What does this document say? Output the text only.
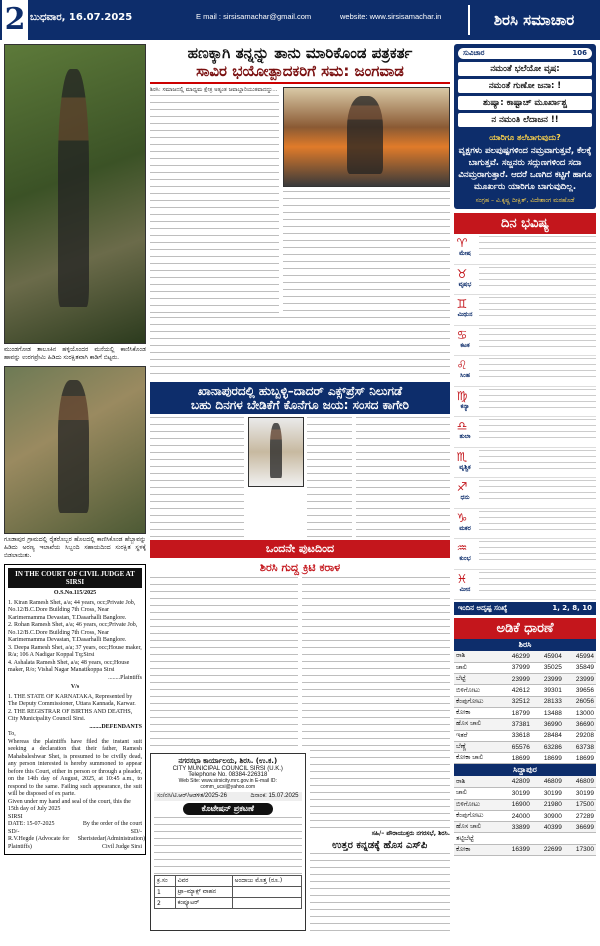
2 ಬುಧವಾರ, 16.07.2025	E mail : sirsisamachar@gmail.com	website: www.sirsisamachar.in	ಶಿರಸಿ ಸಮಾಚಾರ
ಮುಂಡಗೋಡ ತಾಲೂಕಿನ ಹಳ್ಳಿಯೊಂದರ ಮನೆಯಲ್ಲಿ ಕಾಣಿಸಿಕೊಂಡ ಹಾವನ್ನು ಉರಗಪ್ರೇಮಿ ಹಿಡಿದು ಸುರಕ್ಷಿತವಾಗಿ ಕಾಡಿಗೆ ಬಿಟ್ಟರು.
ಗೂಡಾಪುರ ಗ್ರಾಮದಲ್ಲಿ ರೈತರೊಬ್ಬರ ಹೊಲದಲ್ಲಿ ಕಾಣಿಸಿಕೊಂಡ ಹೆಬ್ಬಾವನ್ನು ಹಿಡಿದು ಅರಣ್ಯ ಇಲಾಖೆಯ ಸಿಬ್ಬಂದಿ ಸಹಾಯದಿಂದ ಸುರಕ್ಷಿತ ಸ್ಥಳಕ್ಕೆ ಬಿಡಲಾಯಿತು.
IN THE COURT OF CIVIL JUDGE AT SIRSI
O.S.No.115/2025
1. Kiran Ramesh Shet, a/a; 44 years, occ;Private Job, No.12/B.C.Dore Building 7th Cross, Near Karimemamma Devastan, T.Dasarhalli Banglore.
2. Rohan Ramesh Shet, a/a; 46 years, occ;Private Job, No.12/B.C.Dore Building 7th Cross, Near Karimemamma Devastan, T.Dasarhalli Banglore.
3. Deepa Ramesh Shet, a/a; 37 years, occ;House maker, R/a; 106 A Nadigar Koppal Tq;Sirsi
4. Ashalata Ramesh Shet, a/a; 48 years, occ;House maker, R/o; Vishal Nagar Manatikoppa Sirsi
........Plaintiffs
V/s
1. THE STATE OF KARNATAKA, Represented by The Deputy Commissioner, Uttara Kannada, Karwar.
2. THE REGISTRAR OF BIRTHS AND DEATHS, City Municipality Council Sirsi.
........DEFENDANTS
To,
Whereas the plaintiffs have filed the instant suit seeking a declaration that their father, Ramesh Mahabaleshwar Shet, is presumed to be civilly dead, any person interested is hereby summoned to appear before this Court, either in person or through a pleader, on the 14th day of August, 2025, at 10:45 a.m., to respond to the same. Failing such appearance, the suit will be disposed of ex parte.
Given under my hand and seal of the court, this the 15th day of July 2025
SIRSI
DATE: 15-07-2025	By the order of the court
SD/-	SD/-
R.V.Hegde (Advocate for Plaintiffs)
Sheristedar(Administration) Civil Judge Sirsi
ಹಣಕ್ಕಾಗಿ ತನ್ನನ್ನು ತಾನು ಮಾರಿಕೊಂಡ ಪತ್ರಕರ್ತ
ಸಾವಿರ ಭಯೋತ್ಪಾದಕರಿಗೆ ಸಮ: ಜಂಗವಾಡ
ಶಿರಸಿ: ಸಮಾಜದಲ್ಲಿ ಮಾಧ್ಯಮ ಕ್ಷೇತ್ರ ಅತ್ಯಂತ ಜವಾಬ್ದಾರಿಯುತವಾದದ್ದು...
ಖಾನಾಪುರದಲ್ಲಿ ಹುಬ್ಬಳ್ಳಿ–ದಾದರ್ ಎಕ್ಸ್‌ಪ್ರೆಸ್ ನಿಲುಗಡೆ
ಬಹು ದಿನಗಳ ಬೇಡಿಕೆಗೆ ಕೊನೆಗೂ ಜಯ: ಸಂಸದ ಕಾಗೇರಿ
ಒಂದನೇ ಪುಟದಿಂದ
ಶಿರಸಿ ಗುದ್ದ ಕ್ರಿಟಿ ಕರಾಳ
ನಗರಸಭಾ ಕಾರ್ಯಾಲಯ, ಶಿರಸಿ. (ಉ.ಕ.)
CITY MUNICIPAL COUNCIL SIRSI (U.K.)
Telephone No. 08384-226318
Web Site: www.sirsicity.mrc.gov.in E-mail ID: comm_ucsi@yahoo.com
ಸಂ/ನಸಿ/ಟಿ.ಆರ್/ಆಡಳಿತ/2025-26	ದಿನಾಂಕ: 15.07.2025
ಕೊಟೇಷನ್ ಪ್ರಕಟಣೆ
ಕ್ರ.ಸಂ	ವಿವರ	ಅಂದಾಜು ಮೊತ್ತ (ರೂ.)
1	ಟ್ರಾ–ಮ್ಯಾಕ್ಸ್ ವಾಹನ	
2	ಕಂಪ್ಯೂಟರ್	
ಸಹಿ/– ಪೌರಾಯುಕ್ತರು ನಗರಸಭೆ, ಶಿರಸಿ.
ಉತ್ತರ ಕನ್ನಡಕ್ಕೆ ಹೊಸ ಎಸ್‌ಪಿ
ಸುವಿಚಾರ	106
ನಮಂತೆ ಭಲೆಯೋ ವೃಷ:
ನಮಂತೆ ಗುಣೋ ಜನಾ: !
ಶುಷ್ಯಾ: ಕಾಷ್ಟಾಚ್ ಮೂರ್ಖಾಶ್ಚ
ನ ನಮಂತಿ ಲೆದಾಜನ !!
ಯಾರಿಗೂ ತಲೆಬಾಗುವುದು?
ವೃಕ್ಷಗಳು ಪಲಪುಷ್ಪಗಳಿಂದ ನಮ್ರವಾಗುತ್ತವೆ, ಕೆಲಕ್ಕೆ ಬಾಗುತ್ತವೆ. ಸಜ್ಜನರು ಸದ್ಗುಣಗಳಿಂದ ಸದಾ ವಿನಮ್ರರಾಗುತ್ತಾರೆ. ಆದರೆ ಒಣಗಿದ ಕಟ್ಟಿಗೆ ಹಾಗೂ ಮೂರ್ಖರು ಯಾರಿಗೂ ಬಾಗುವುದಿಲ್ಲ.
ಸಂಗ್ರಹ – ವಿ.ಕೃಷ್ಣ ದೀಕ್ಷಿತ್, ವಿದೇಶಾಂಗ ಮಠಹೊಡೆ
ದಿನ ಭವಿಷ್ಯ
♈
ಮೇಷ
♉
ವೃಷಭ
♊
ಮಿಥುನ
♋
ಕಟಕ
♌
ಸಿಂಹ
♍
ಕನ್ಯಾ
♎
ತುಲಾ
♏
ವೃಶ್ಚಿಕ
♐
ಧನು
♑
ಮಕರ
♒
ಕುಂಭ
♓
ಮೀನ
ಇಂದಿನ ಅದೃಷ್ಟ ಸಂಖ್ಯೆ	1, 2, 8, 10
ಅಡಿಕೆ ಧಾರಣೆ
ಶಿರಸಿ
ರಾಶಿ	46299	45904	45994
ಚಾಲಿ	37999	35025	35849
ಬೆಟ್ಟೆ	23999	23999	23999
ಬಿಳಿಗೋಟು	42612	39301	39656
ಕೆಂಪುಗೋಟು	32512	28133	26056
ಕೋಕಾ	18799	13488	13000
ಹೊಸ ಚಾಲಿ	37381	36990	36690
ಇತರೆ	33618	28484	29208
ಬೆಣ್ಣೆ	65576	63286	63738
ಕೋಕಾ ಚಾಲಿ	18699	18699	18699
ಸಿದ್ದಾಪುರ
ರಾಶಿ	42809	46809	46809
ಚಾಲಿ	30199	30199	30199
ಬಿಳಿಗೋಟು	16900	21980	17500
ಕೆಂಪುಗೋಟು	24000	30900	27289
ಹೊಸ ಚಾಲಿ	33899	40399	36699
ತಟ್ಟಿಬೆಟ್ಟೆ			
ಕೋಕಾ	16399	22699	17300
